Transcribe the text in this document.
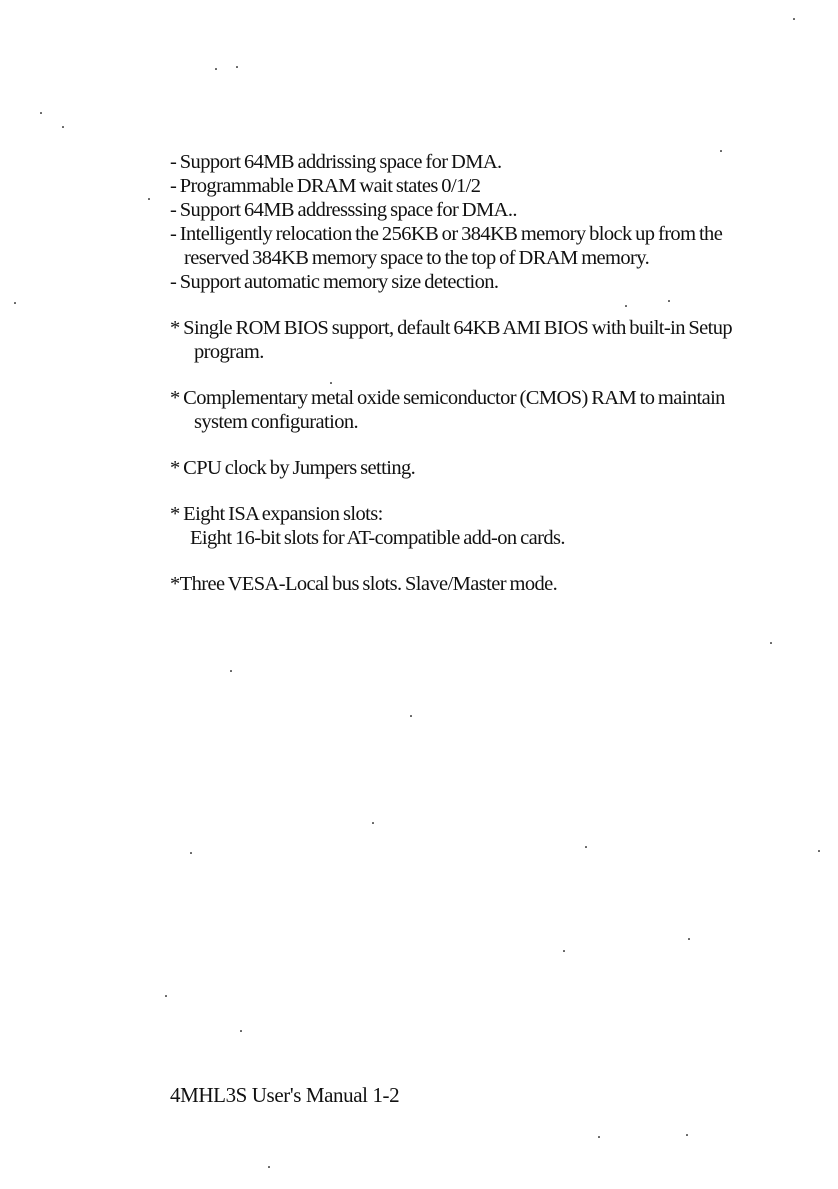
- Support 64MB addrissing space for DMA.

- Programmable DRAM wait states 0/1/2

- Support 64MB addresssing space for DMA..

- Intelligently relocation the 256KB or 384KB memory block up from the

reserved 384KB memory space to the top of DRAM memory.

- Support automatic memory size detection.

* Single ROM BIOS support, default 64KB AMI BIOS with built-in Setup

program.

* Complementary metal oxide semiconductor (CMOS) RAM to maintain

system configuration.

* CPU clock by Jumpers setting.

* Eight ISA expansion slots:

Eight 16-bit slots for AT-compatible add-on cards.

*Three VESA-Local bus slots. Slave/Master mode.

4MHL3S User's Manual 1-2
